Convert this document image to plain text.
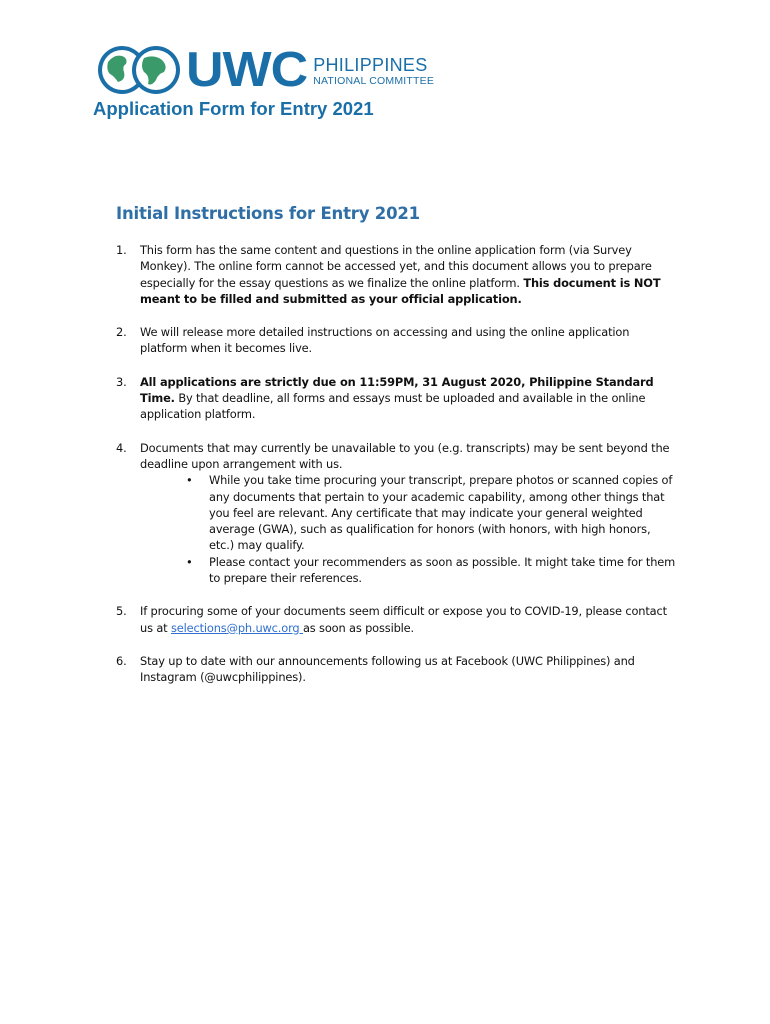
UWC PHILIPPINES
NATIONAL COMMITTEE
Application Form for Entry 2021
Initial Instructions for Entry 2021
1. This form has the same content and questions in the online application form (via Survey Monkey). The online form cannot be accessed yet, and this document allows you to prepare especially for the essay questions as we finalize the online platform. This document is NOT meant to be filled and submitted as your official application.
2. We will release more detailed instructions on accessing and using the online application platform when it becomes live.
3. All applications are strictly due on 11:59PM, 31 August 2020, Philippine Standard Time. By that deadline, all forms and essays must be uploaded and available in the online application platform.
4. Documents that may currently be unavailable to you (e.g. transcripts) may be sent beyond the deadline upon arrangement with us.
• While you take time procuring your transcript, prepare photos or scanned copies of any documents that pertain to your academic capability, among other things that you feel are relevant. Any certificate that may indicate your general weighted average (GWA), such as qualification for honors (with honors, with high honors, etc.) may qualify.
• Please contact your recommenders as soon as possible. It might take time for them to prepare their references.
5. If procuring some of your documents seem difficult or expose you to COVID-19, please contact us at selections@ph.uwc.org as soon as possible.
6. Stay up to date with our announcements following us at Facebook (UWC Philippines) and Instagram (@uwcphilippines).
